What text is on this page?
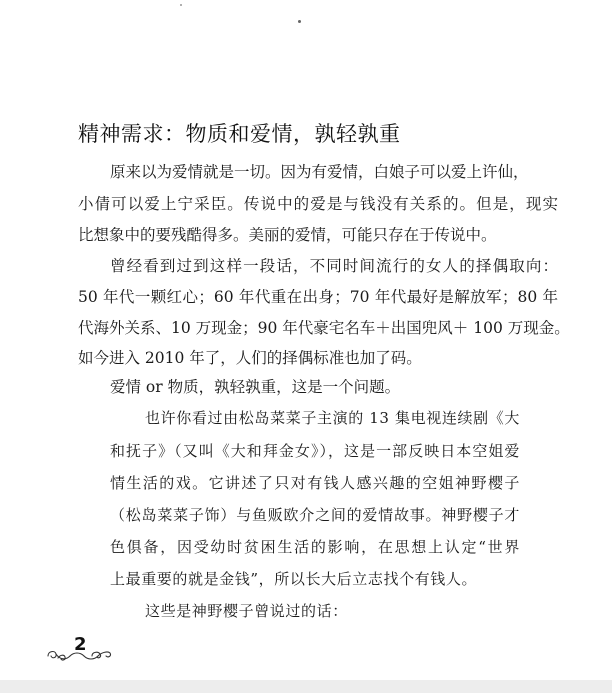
精神需求：物质和爱情，孰轻孰重
原来以为爱情就是一切。因为有爱情，白娘子可以爱上许仙，
小倩可以爱上宁采臣。传说中的爱是与钱没有关系的。但是，现实
比想象中的要残酷得多。美丽的爱情，可能只存在于传说中。
曾经看到过到这样一段话，不同时间流行的女人的择偶取向：
50 年代一颗红心；60 年代重在出身；70 年代最好是解放军；80 年
代海外关系、10 万现金；90 年代豪宅名车＋出国兜风＋ 100 万现金。
如今进入 2010 年了，人们的择偶标准也加了码。
爱情 or 物质，孰轻孰重，这是一个问题。
也许你看过由松岛菜菜子主演的 13 集电视连续剧《大
和抚子》（又叫《大和拜金女》），这是一部反映日本空姐爱
情生活的戏。它讲述了只对有钱人感兴趣的空姐神野樱子
（松岛菜菜子饰）与鱼贩欧介之间的爱情故事。神野樱子才
色俱备，因受幼时贫困生活的影响，在思想上认定“世界
上最重要的就是金钱”，所以长大后立志找个有钱人。
这些是神野樱子曾说过的话：
2
